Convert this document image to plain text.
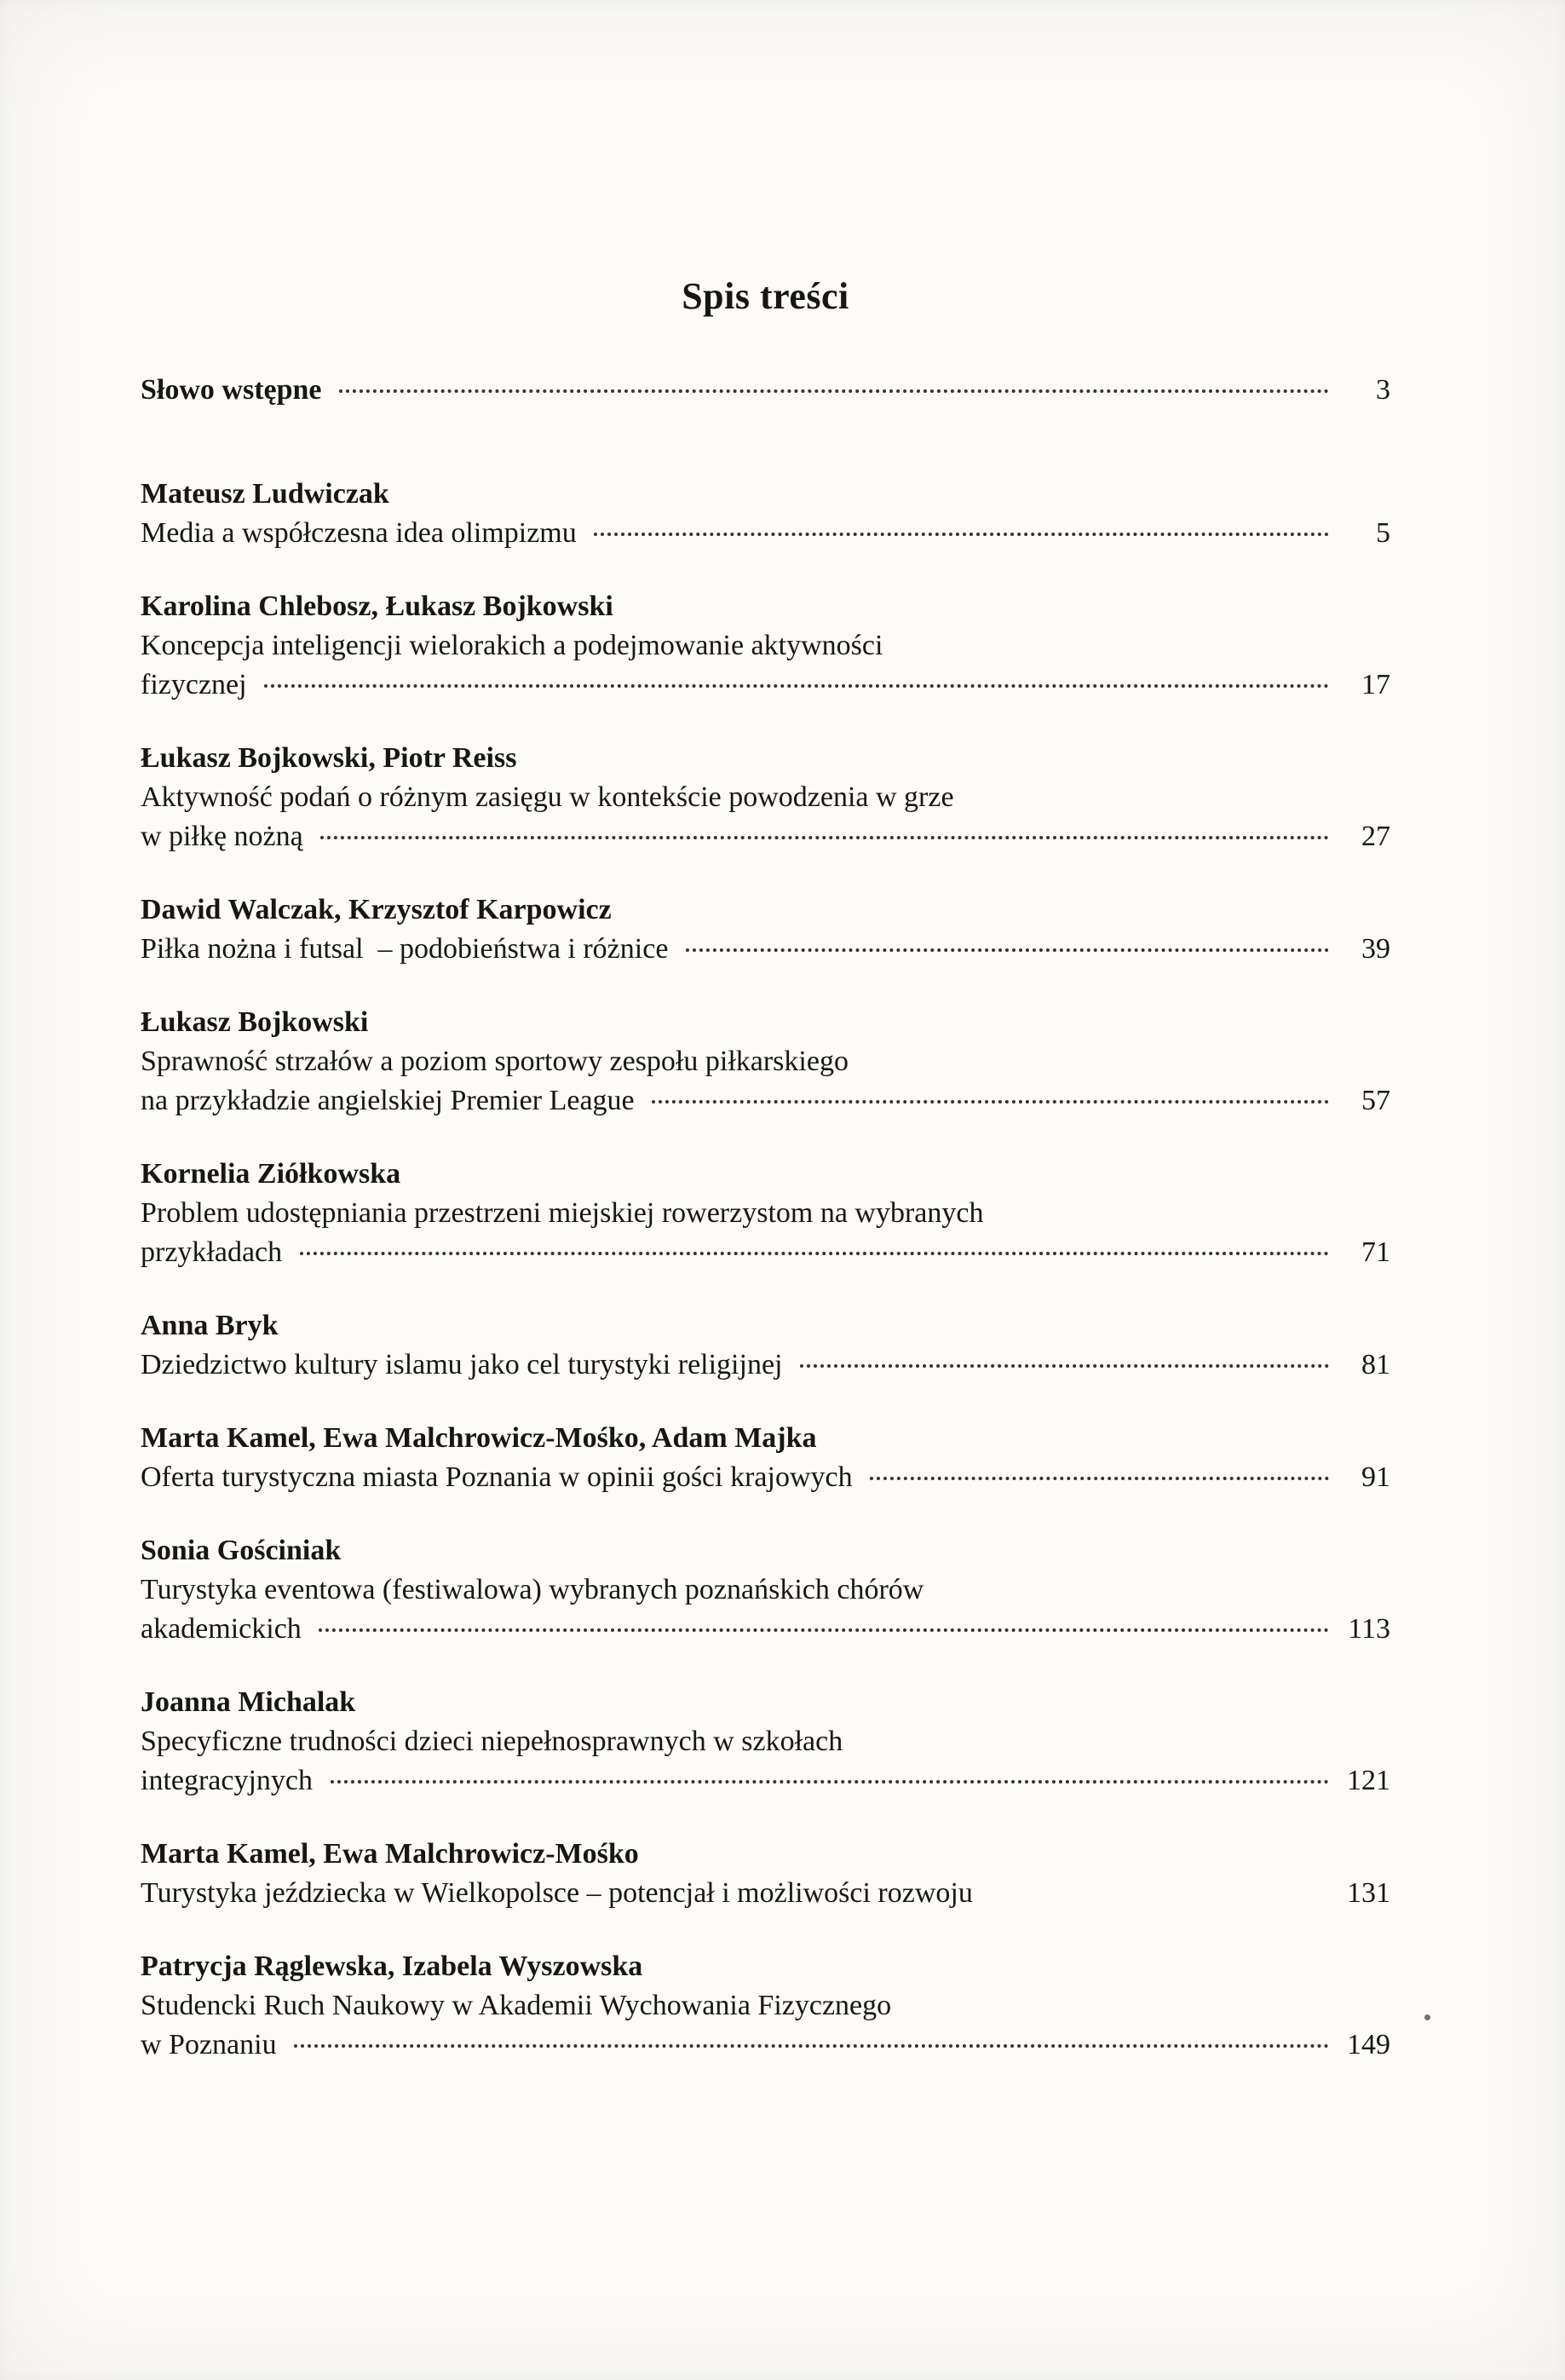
Spis treści
Słowo wstępne	3
Mateusz Ludwiczak
Media a współczesna idea olimpizmu	5
Karolina Chlebosz, Łukasz Bojkowski
Koncepcja inteligencji wielorakich a podejmowanie aktywności
fizycznej	17
Łukasz Bojkowski, Piotr Reiss
Aktywność podań o różnym zasięgu w kontekście powodzenia w grze
w piłkę nożną	27
Dawid Walczak, Krzysztof Karpowicz
Piłka nożna i futsal  – podobieństwa i różnice	39
Łukasz Bojkowski
Sprawność strzałów a poziom sportowy zespołu piłkarskiego
na przykładzie angielskiej Premier League	57
Kornelia Ziółkowska
Problem udostępniania przestrzeni miejskiej rowerzystom na wybranych
przykładach	71
Anna Bryk
Dziedzictwo kultury islamu jako cel turystyki religijnej	81
Marta Kamel, Ewa Malchrowicz-Mośko, Adam Majka
Oferta turystyczna miasta Poznania w opinii gości krajowych	91
Sonia Gościniak
Turystyka eventowa (festiwalowa) wybranych poznańskich chórów
akademickich	113
Joanna Michalak
Specyficzne trudności dzieci niepełnosprawnych w szkołach
integracyjnych	121
Marta Kamel, Ewa Malchrowicz-Mośko
Turystyka jeździecka w Wielkopolsce – potencjał i możliwości rozwoju	131
Patrycja Rąglewska, Izabela Wyszowska
Studencki Ruch Naukowy w Akademii Wychowania Fizycznego
w Poznaniu	149
